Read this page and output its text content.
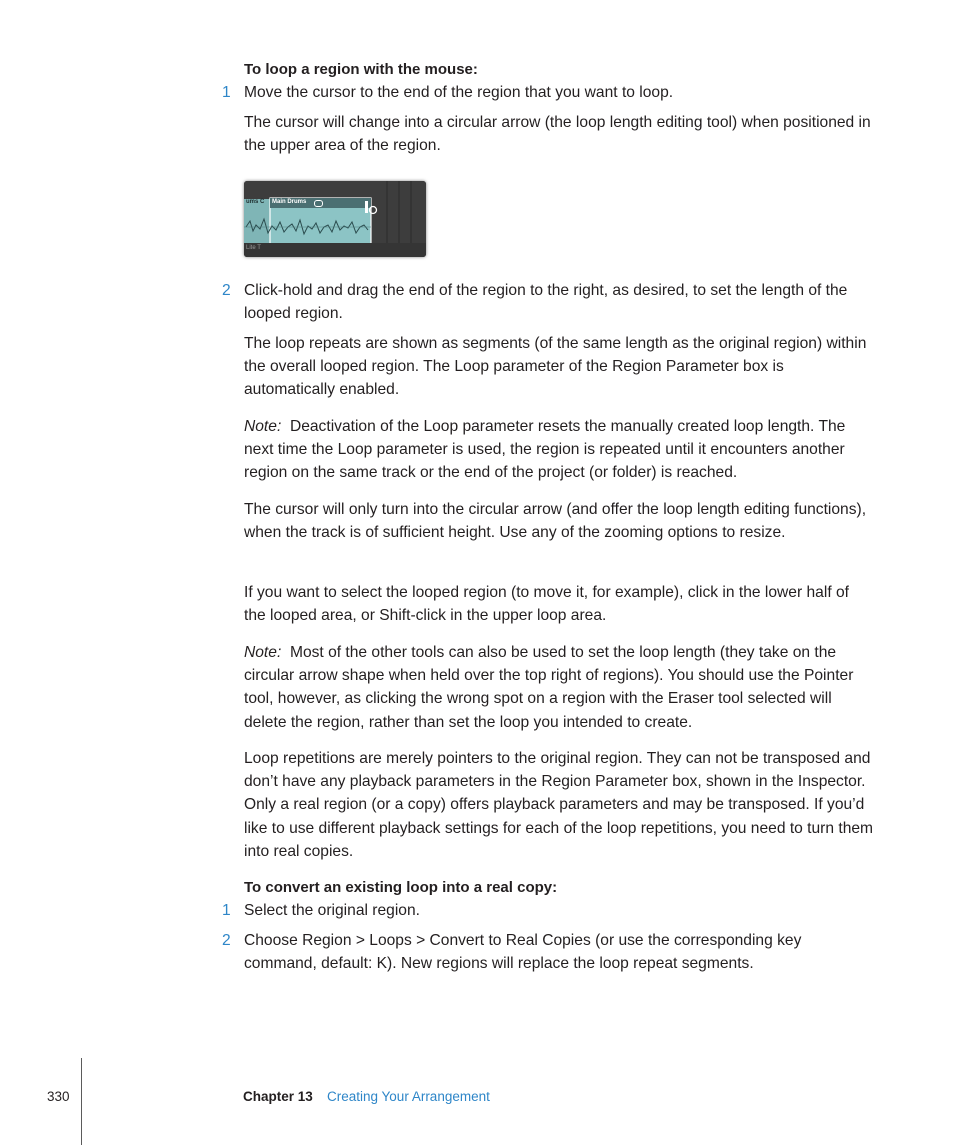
To loop a region with the mouse:
1 Move the cursor to the end of the region that you want to loop.
The cursor will change into a circular arrow (the loop length editing tool) when positioned in the upper area of the region.
ums C Main Drums
Lite T
2 Click-hold and drag the end of the region to the right, as desired, to set the length of the looped region.
The loop repeats are shown as segments (of the same length as the original region) within the overall looped region. The Loop parameter of the Region Parameter box is automatically enabled.
Note: Deactivation of the Loop parameter resets the manually created loop length. The next time the Loop parameter is used, the region is repeated until it encounters another region on the same track or the end of the project (or folder) is reached.
The cursor will only turn into the circular arrow (and offer the loop length editing functions), when the track is of sufficient height. Use any of the zooming options to resize.
If you want to select the looped region (to move it, for example), click in the lower half of the looped area, or Shift-click in the upper loop area.
Note: Most of the other tools can also be used to set the loop length (they take on the circular arrow shape when held over the top right of regions). You should use the Pointer tool, however, as clicking the wrong spot on a region with the Eraser tool selected will delete the region, rather than set the loop you intended to create.
Loop repetitions are merely pointers to the original region. They can not be transposed and don’t have any playback parameters in the Region Parameter box, shown in the Inspector. Only a real region (or a copy) offers playback parameters and may be transposed. If you’d like to use different playback settings for each of the loop repetitions, you need to turn them into real copies.
To convert an existing loop into a real copy:
1 Select the original region.
2 Choose Region > Loops > Convert to Real Copies (or use the corresponding key command, default: K). New regions will replace the loop repeat segments.
330	Chapter 13 Creating Your Arrangement
